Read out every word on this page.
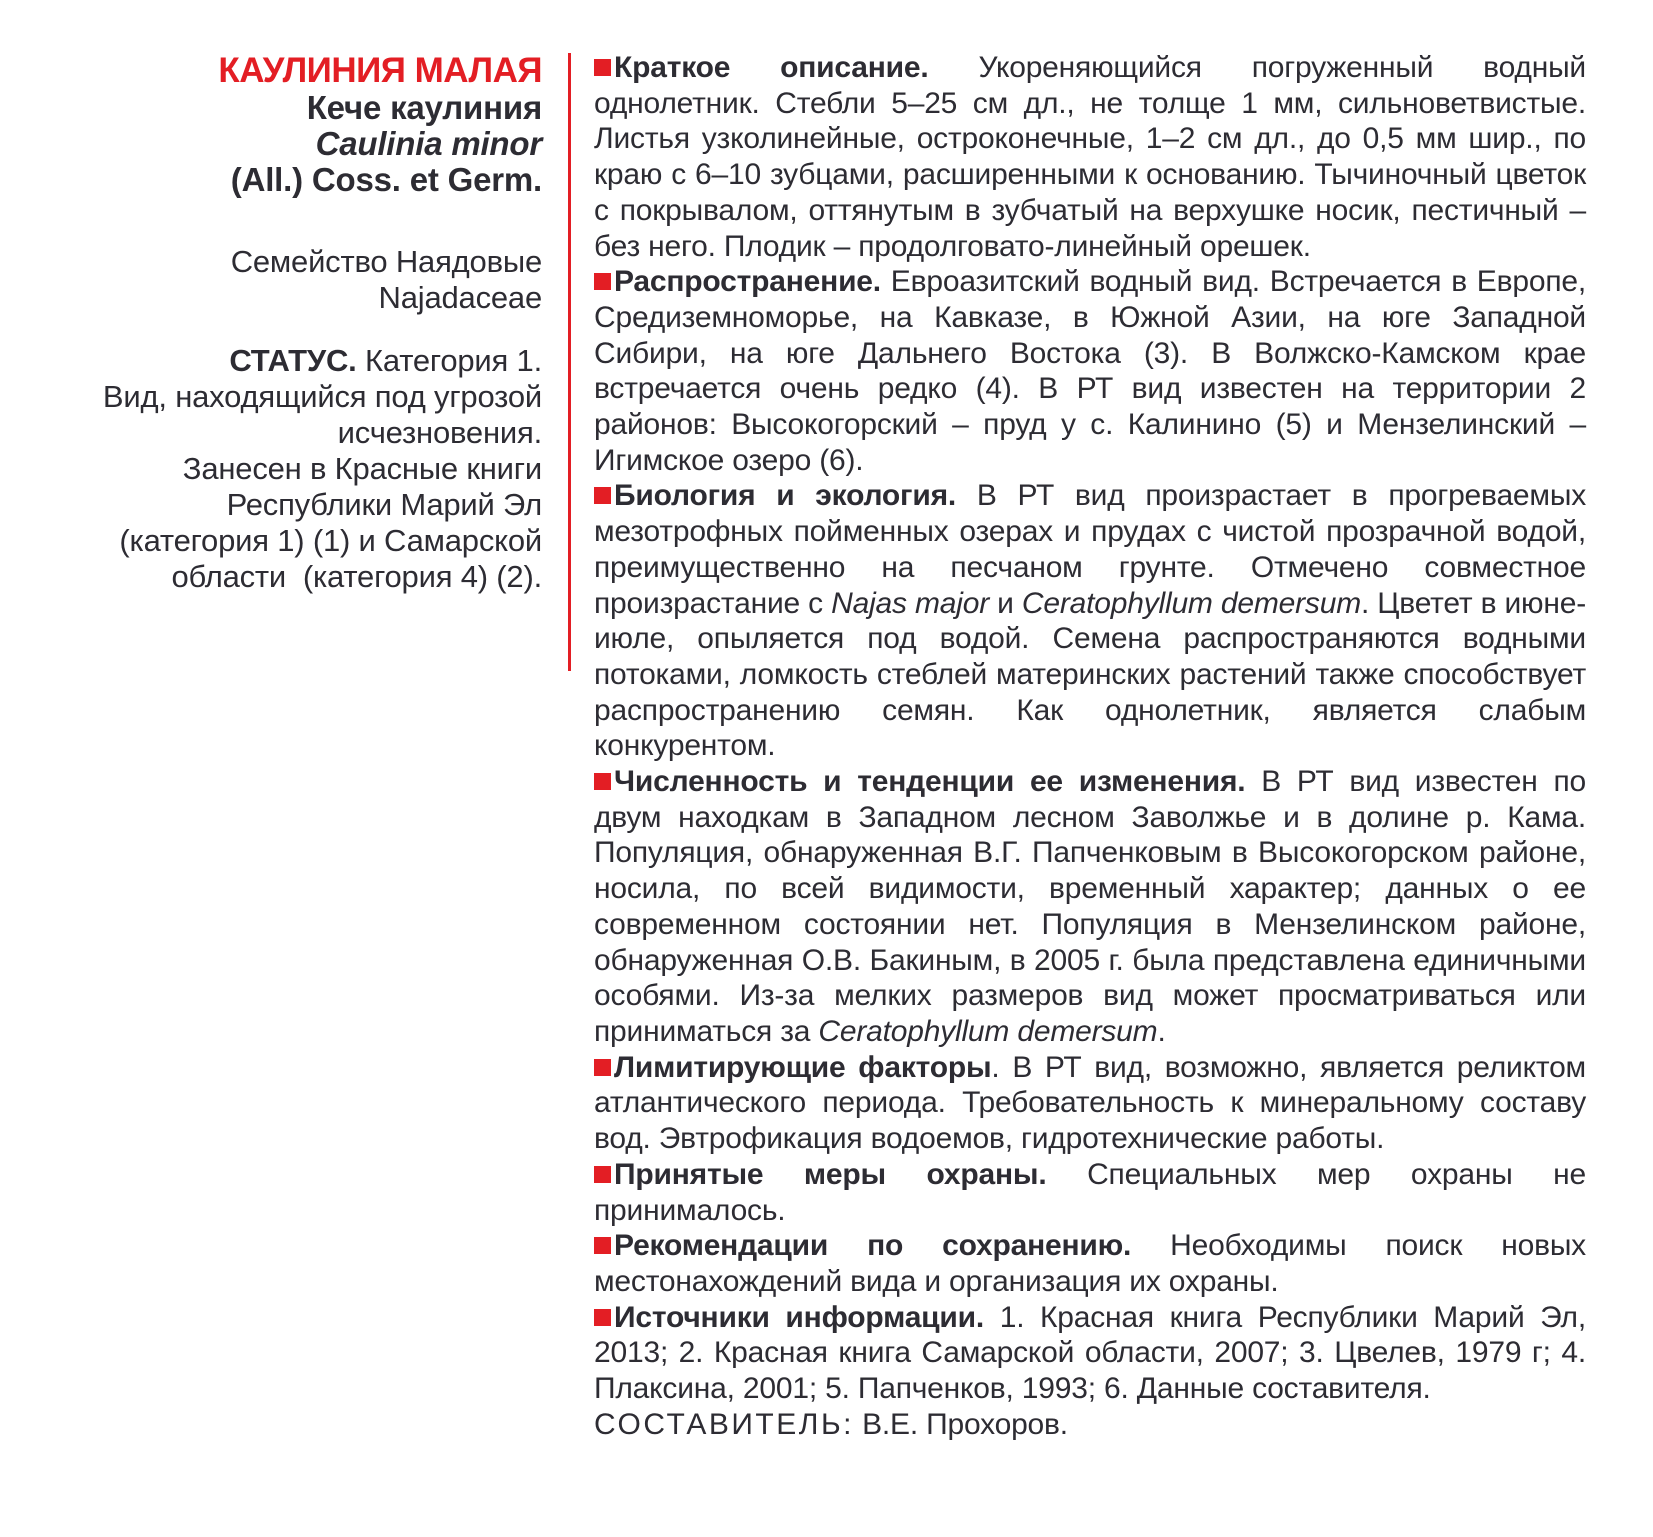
КАУЛИНИЯ МАЛАЯ
Кече каулиния
Caulinia minor
(All.) Coss. et Germ.
Семейство Наядовые
Najadaceae
СТАТУС. Категория 1.
Вид, находящийся под угрозой
исчезновения.
Занесен в Красные книги
Республики Марий Эл
(категория 1) (1) и Самарской
области  (категория 4) (2).

Краткое описание. Укореняющийся погруженный водный однолетник. Стебли 5–25 см дл., не толще 1 мм, сильноветвистые. Листья узколинейные, остроконечные, 1–2 см дл., до 0,5 мм шир., по краю с 6–10 зубцами, расширенными к основанию. Тычиночный цветок с покрывалом, оттянутым в зубчатый на верхушке носик, пестичный – без него. Плодик – продолговато-линейный орешек.

Распространение. Евроазитский водный вид. Встречается в Европе, Средиземноморье, на Кавказе, в Южной Азии, на юге Западной Сибири, на юге Дальнего Востока (3). В Волжско-Камском крае встречается очень редко (4). В РТ вид известен на территории 2 районов: Высокогорский – пруд у с. Калинино (5) и Мензелинский – Игимское озеро (6).

Биология и экология. В РТ вид произрастает в прогреваемых мезотрофных пойменных озерах и прудах с чистой прозрачной водой, преимущественно на песчаном грунте. Отмечено совместное произрастание с Najas major и Ceratophyllum demersum. Цветет в июне-июле, опыляется под водой. Семена распространяются водными потоками, ломкость стеблей материнских растений также способствует распространению семян. Как однолетник, является слабым конкурентом.

Численность и тенденции ее изменения. В РТ вид известен по двум находкам в Западном лесном Заволжье и в долине р. Кама. Популяция, обнаруженная В.Г. Папченковым в Высокогорском районе, носила, по всей видимости, временный характер; данных о ее современном состоянии нет. Популяция в Мензелинском районе, обнаруженная О.В. Бакиным, в 2005 г. была представлена единичными особями. Из-за мелких размеров вид может просматриваться или приниматься за Ceratophyllum demersum.

Лимитирующие факторы. В РТ вид, возможно, является реликтом атлантического периода. Требовательность к минеральному составу вод. Эвтрофикация водоемов, гидротехнические работы.

Принятые меры охраны. Специальных мер охраны не принималось.

Рекомендации по сохранению. Необходимы поиск новых местонахождений вида и организация их охраны.

Источники информации. 1. Красная книга Республики Марий Эл, 2013; 2. Красная книга Самарской области, 2007; 3. Цвелев, 1979 г; 4. Плаксина, 2001; 5. Папченков, 1993; 6. Данные составителя.

СОСТАВИТЕЛЬ: В.Е. Прохоров.
